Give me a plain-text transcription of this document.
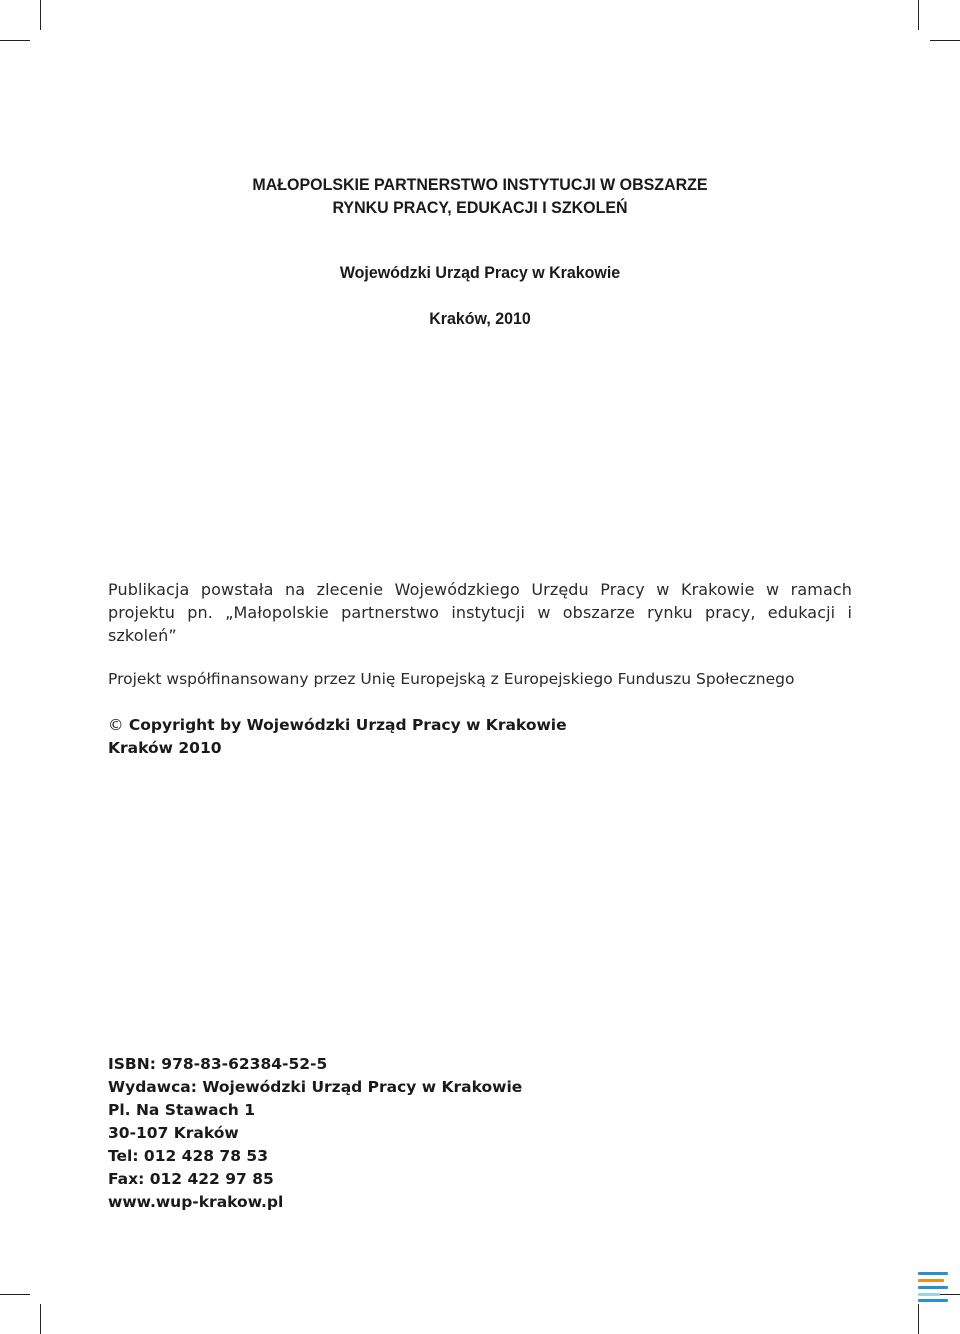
MAŁOPOLSKIE PARTNERSTWO INSTYTUCJI W OBSZARZE
RYNKU PRACY, EDUKACJI I SZKOLEŃ
Wojewódzki Urząd Pracy w Krakowie
Kraków, 2010
Publikacja powstała na zlecenie Wojewódzkiego Urzędu Pracy w Krakowie w ramach projektu pn. „Małopolskie partnerstwo instytucji w obszarze rynku pracy, edukacji i szkoleń”
Projekt współfinansowany przez Unię Europejską z Europejskiego Funduszu Społecznego
© Copyright by Wojewódzki Urząd Pracy w Krakowie
Kraków 2010
ISBN: 978-83-62384-52-5
Wydawca: Wojewódzki Urząd Pracy w Krakowie
Pl. Na Stawach 1
30-107 Kraków
Tel: 012 428 78 53
Fax: 012 422 97 85
www.wup-krakow.pl
